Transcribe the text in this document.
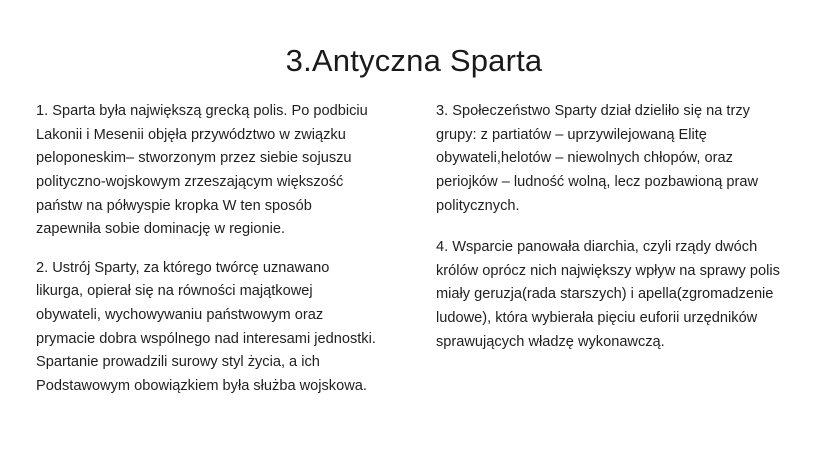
3.Antyczna Sparta

1. Sparta była największą grecką polis. Po podbiciu Lakonii i Mesenii objęła przywództwo w związku peloponeskim– stworzonym przez siebie sojuszu polityczno-wojskowym zrzeszającym większość państw na półwyspie kropka W ten sposób zapewniła sobie dominację w regionie.

2. Ustrój Sparty, za którego twórcę uznawano likurga, opierał się na równości majątkowej obywateli, wychowywaniu państwowym oraz prymacie dobra wspólnego nad interesami jednostki. Spartanie prowadzili surowy styl życia, a ich Podstawowym obowiązkiem była służba wojskowa.

3. Społeczeństwo Sparty dział dzieliło się na trzy grupy: z partiatów – uprzywilejowaną Elitę obywateli,helotów – niewolnych chłopów, oraz periojków – ludność wolną, lecz pozbawioną praw politycznych.

4. Wsparcie panowała diarchia, czyli rządy dwóch królów oprócz nich największy wpływ na sprawy polis miały geruzja(rada starszych) i apella(zgromadzenie ludowe), która wybierała pięciu euforii urzędników sprawujących władzę wykonawczą.
